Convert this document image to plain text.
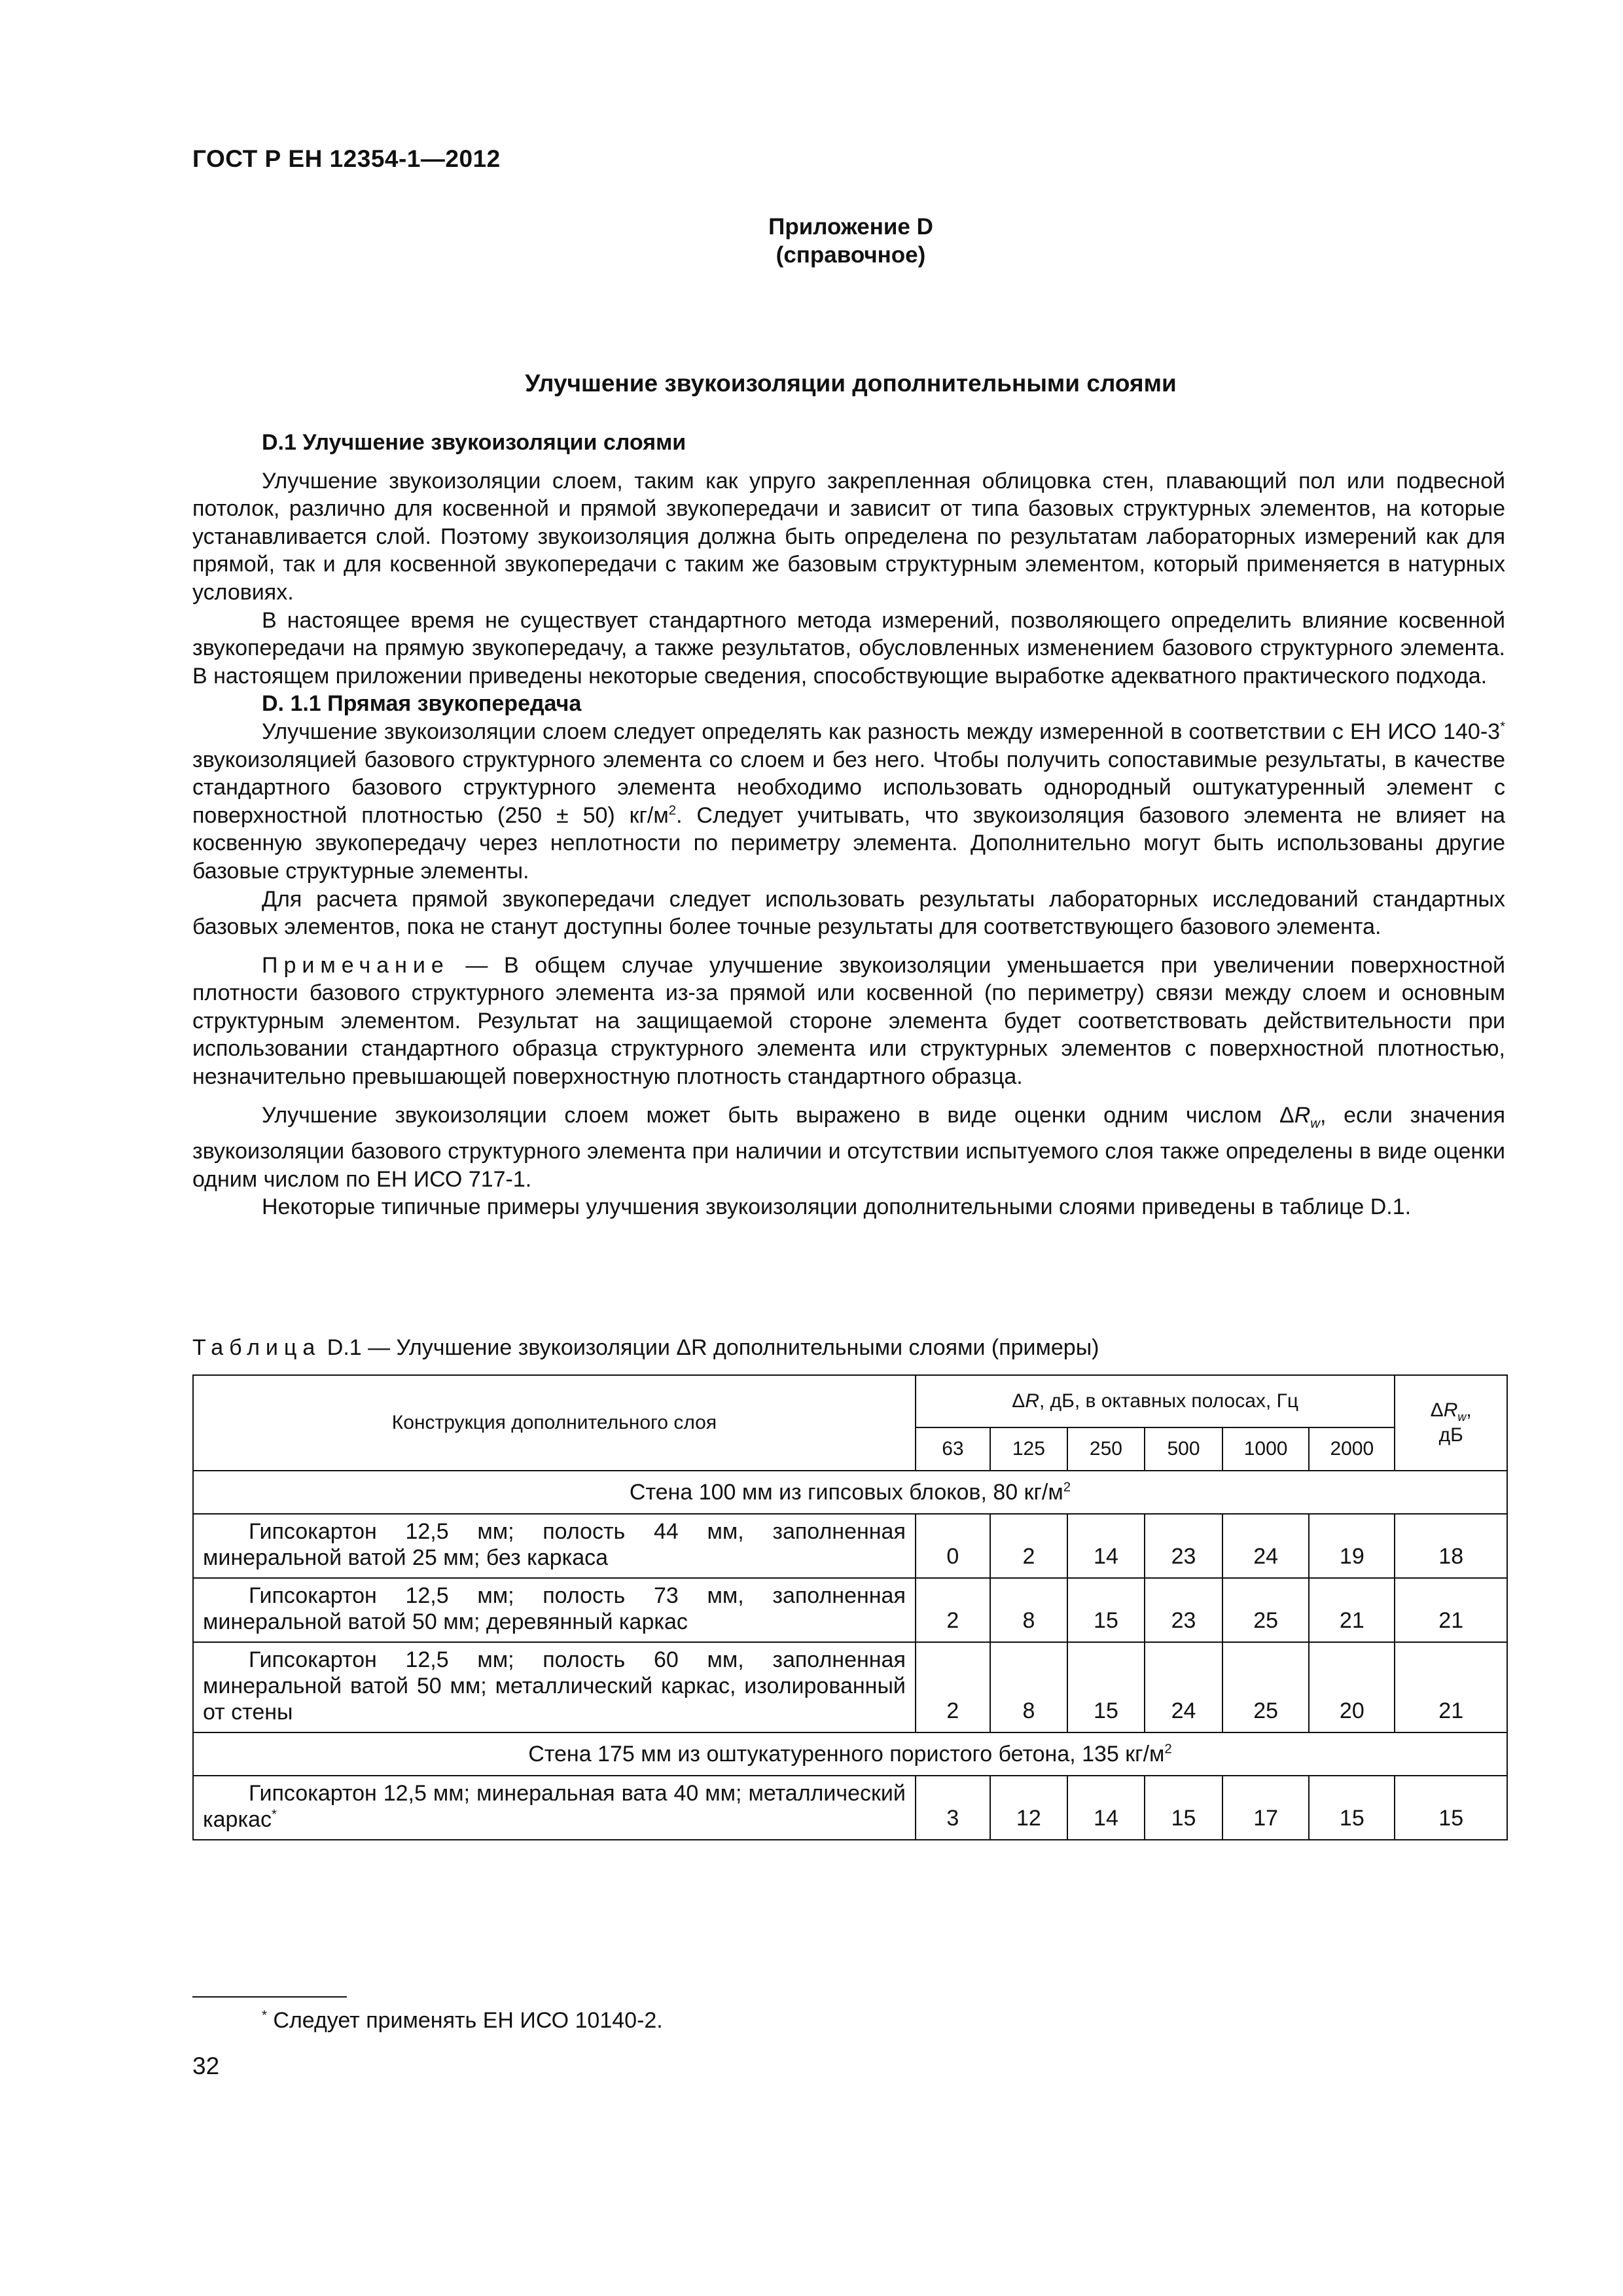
ГОСТ Р ЕН 12354-1—2012
Приложение D
(справочное)
Улучшение звукоизоляции дополнительными слоями

D.1 Улучшение звукоизоляции слоями

Улучшение звукоизоляции слоем, таким как упруго закрепленная облицовка стен, плавающий пол или подвесной потолок, различно для косвенной и прямой звукопередачи и зависит от типа базовых структурных элементов, на которые устанавливается слой. Поэтому звукоизоляция должна быть определена по результатам лабораторных измерений как для прямой, так и для косвенной звукопередачи с таким же базовым структурным элементом, который применяется в натурных условиях.

В настоящее время не существует стандартного метода измерений, позволяющего определить влияние косвенной звукопередачи на прямую звукопередачу, а также результатов, обусловленных изменением базового структурного элемента. В настоящем приложении приведены некоторые сведения, способствующие выработке адекватного практического подхода.

D. 1.1 Прямая звукопередача

Улучшение звукоизоляции слоем следует определять как разность между измеренной в соответствии с ЕН ИСО 140-3* звукоизоляцией базового структурного элемента со слоем и без него. Чтобы получить сопоставимые результаты, в качестве стандартного базового структурного элемента необходимо использовать однородный оштукатуренный элемент с поверхностной плотностью (250 ± 50) $кг/м^2$. Следует учитывать, что звукоизоляция базового элемента не влияет на косвенную звукопередачу через неплотности по периметру элемента. Дополнительно могут быть использованы другие базовые структурные элементы.

Для расчета прямой звукопередачи следует использовать результаты лабораторных исследований стандартных базовых элементов, пока не станут доступны более точные результаты для соответствующего базового элемента.

Примечание — В общем случае улучшение звукоизоляции уменьшается при увеличении поверхностной плотности базового структурного элемента из-за прямой или косвенной (по периметру) связи между слоем и основным структурным элементом. Результат на защищаемой стороне элемента будет соответствовать действительности при использовании стандартного образца структурного элемента или структурных элементов с поверхностной плотностью, незначительно превышающей поверхностную плотность стандартного образца.

Улучшение звукоизоляции слоем может быть выражено в виде оценки одним числом $\Delta R_w$, если значения звукоизоляции базового структурного элемента при наличии и отсутствии испытуемого слоя также определены в виде оценки одним числом по ЕН ИСО 717-1.

Некоторые типичные примеры улучшения звукоизоляции дополнительными слоями приведены в таблице D.1.

Таблица D.1 — Улучшение звукоизоляции ΔR дополнительными слоями (примеры)
Конструкция дополнительного слоя	ΔR, дБ, в октавных полосах, Гц						$\Delta R_w$,
дБ
	63	125	250	500	1000	2000	
Стена 100 мм из гипсовых блоков, 80 $кг/м^2$
Гипсокартон 12,5 мм; полость 44 мм, заполненная минеральной ватой 25 мм; без каркаса	0	2	14	23	24	19	18
Гипсокартон 12,5 мм; полость 73 мм, заполненная минеральной ватой 50 мм; деревянный каркас	2	8	15	23	25	21	21
Гипсокартон 12,5 мм; полость 60 мм, заполненная минеральной ватой 50 мм; металлический каркас, изолированный от стены	2	8	15	24	25	20	21
Стена 175 мм из оштукатуренного пористого бетона, 135 $кг/м^2$
Гипсокартон 12,5 мм; минеральная вата 40 мм; металлический каркас*	3	12	14	15	17	15	15
* Следует применять ЕН ИСО 10140-2.
32
